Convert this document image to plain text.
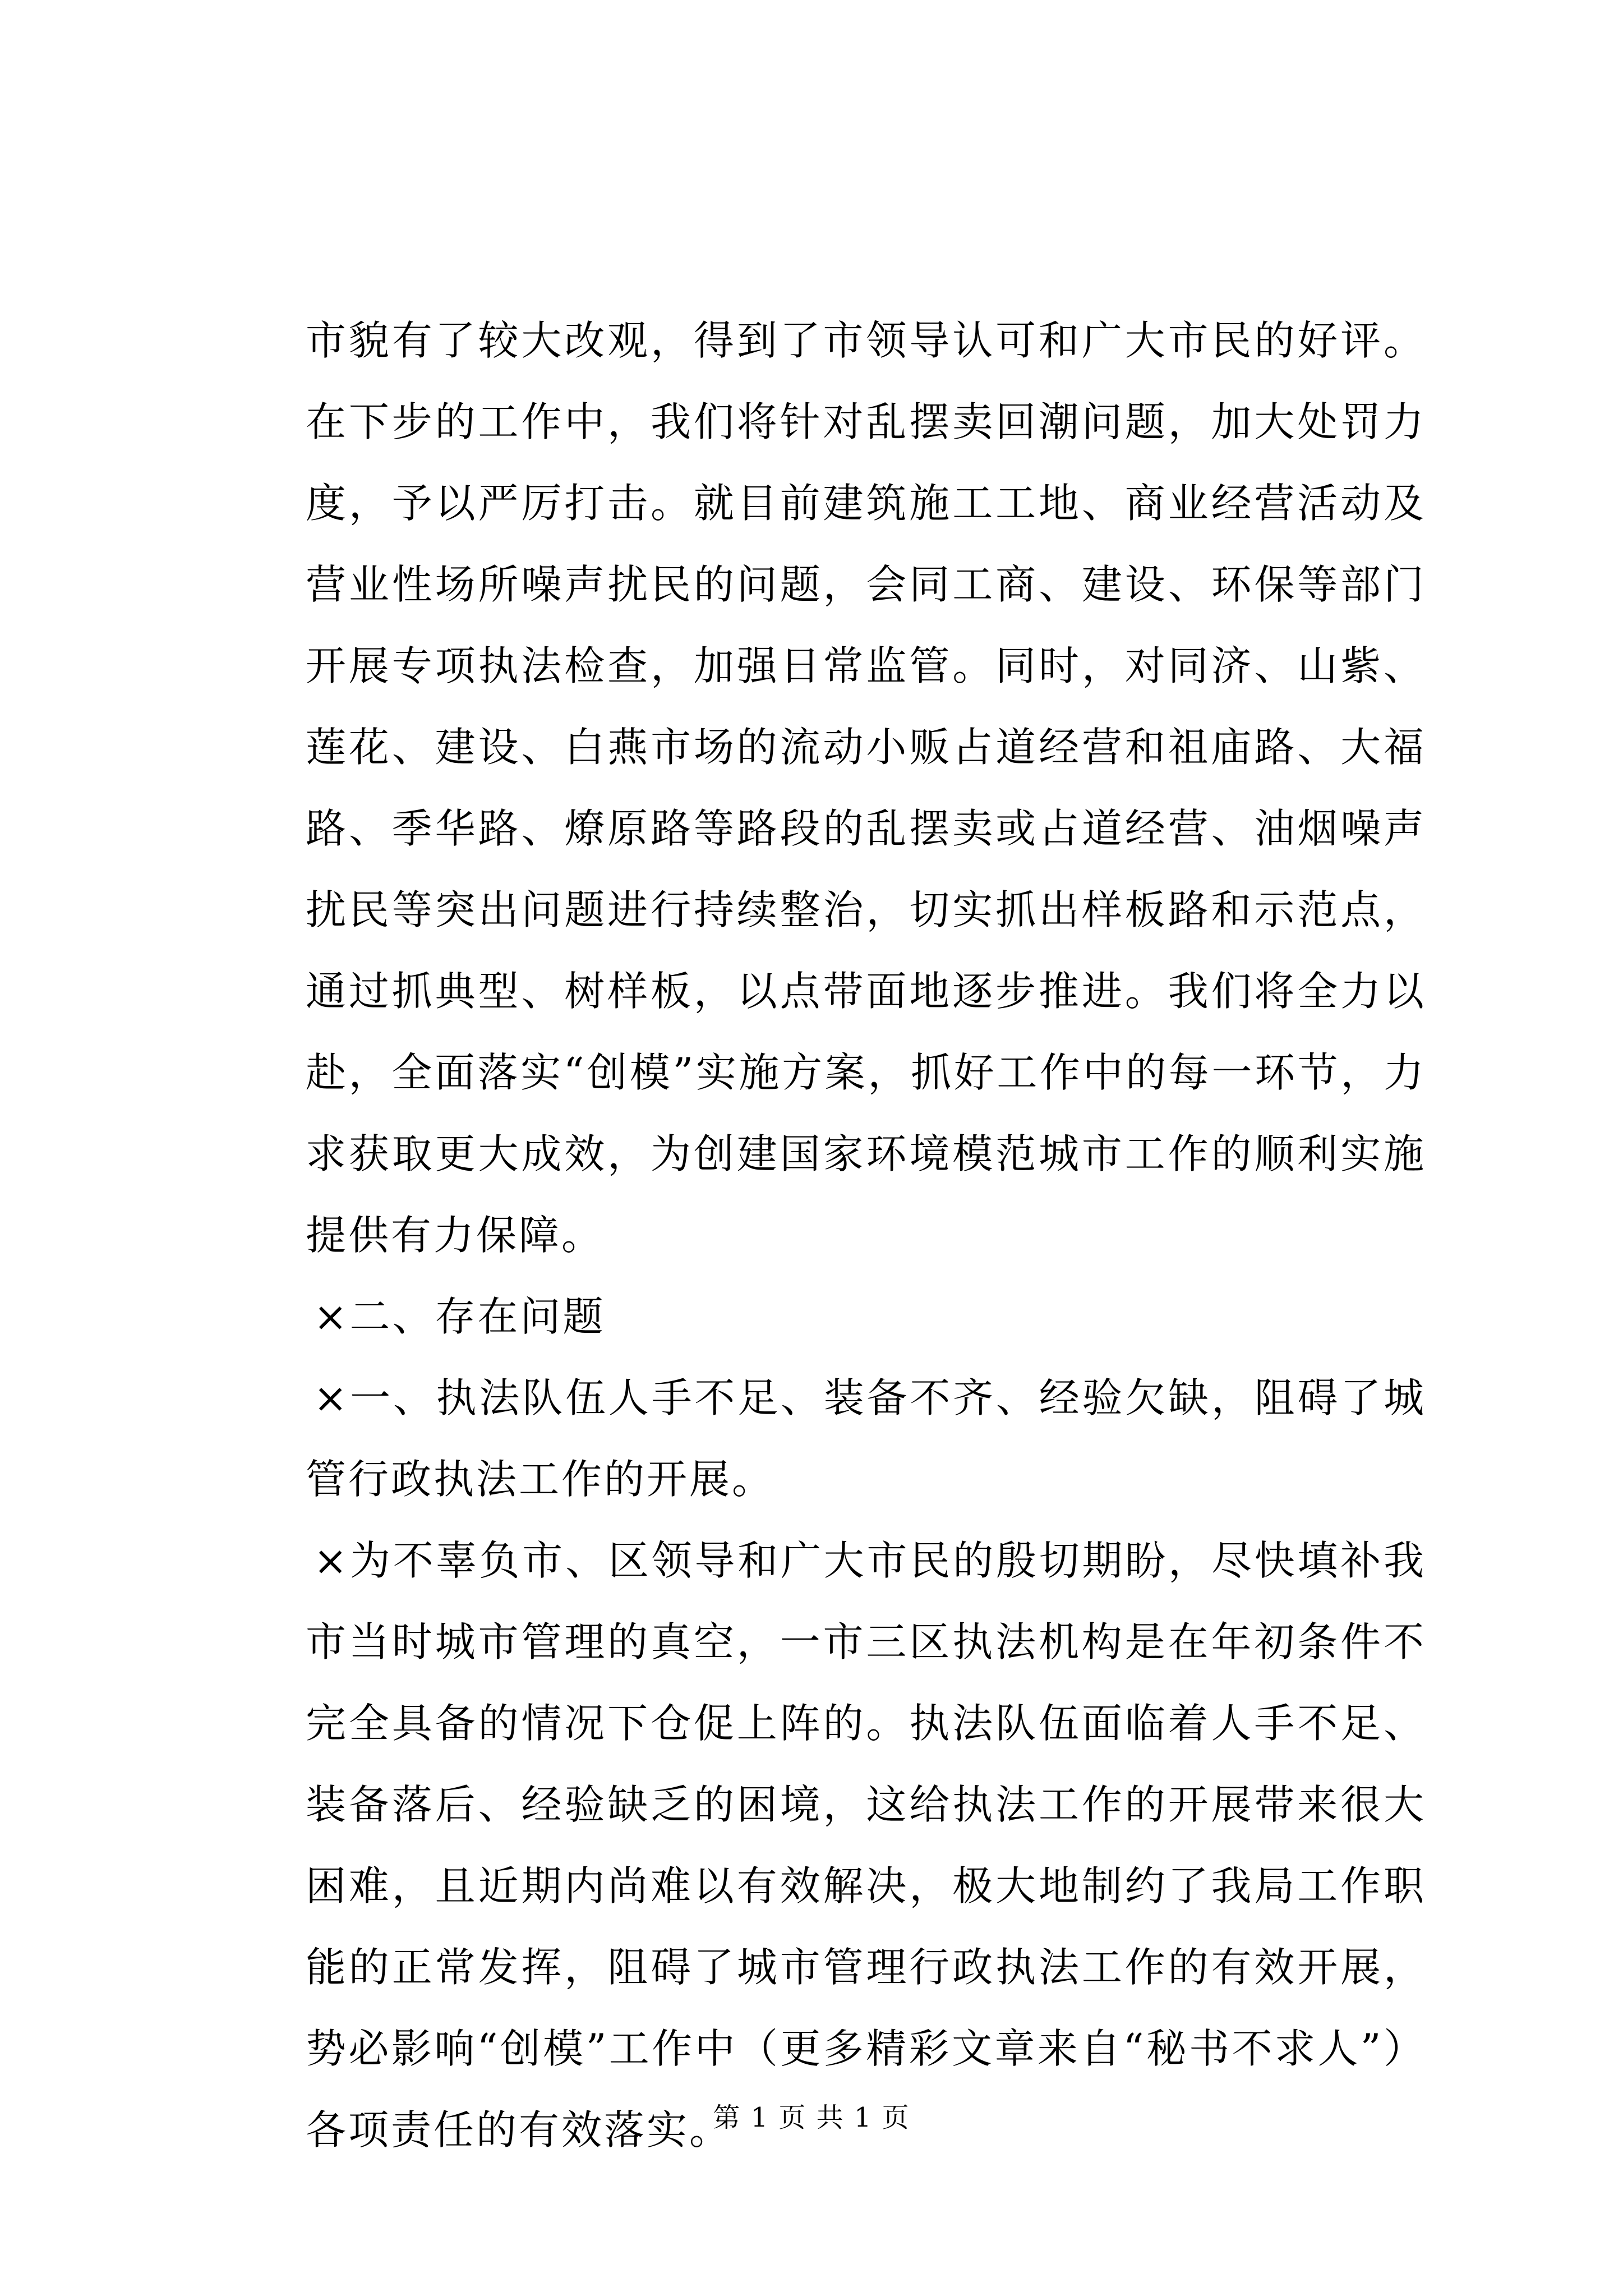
市貌有了较大改观，得到了市领导认可和广大市民的好评。在下步的工作中，我们将针对乱摆卖回潮问题，加大处罚力度，予以严厉打击。就目前建筑施工工地、商业经营活动及营业性场所噪声扰民的问题，会同工商、建设、环保等部门开展专项执法检查，加强日常监管。同时，对同济、山紫、莲花、建设、白燕市场的流动小贩占道经营和祖庙路、大福路、季华路、燎原路等路段的乱摆卖或占道经营、油烟噪声扰民等突出问题进行持续整治，切实抓出样板路和示范点，通过抓典型、树样板，以点带面地逐步推进。我们将全力以赴，全面落实“创模”实施方案，抓好工作中的每一环节，力求获取更大成效，为创建国家环境模范城市工作的顺利实施提供有力保障。

×二、存在问题

×一、执法队伍人手不足、装备不齐、经验欠缺，阻碍了城管行政执法工作的开展。

×为不辜负市、区领导和广大市民的殷切期盼，尽快填补我市当时城市管理的真空，一市三区执法机构是在年初条件不完全具备的情况下仓促上阵的。执法队伍面临着人手不足、装备落后、经验缺乏的困境，这给执法工作的开展带来很大困难，且近期内尚难以有效解决，极大地制约了我局工作职能的正常发挥，阻碍了城市管理行政执法工作的有效开展，势必影响“创模”工作中（更多精彩文章来自“秘书不求人”）各项责任的有效落实。

第 1 页 共 1 页
